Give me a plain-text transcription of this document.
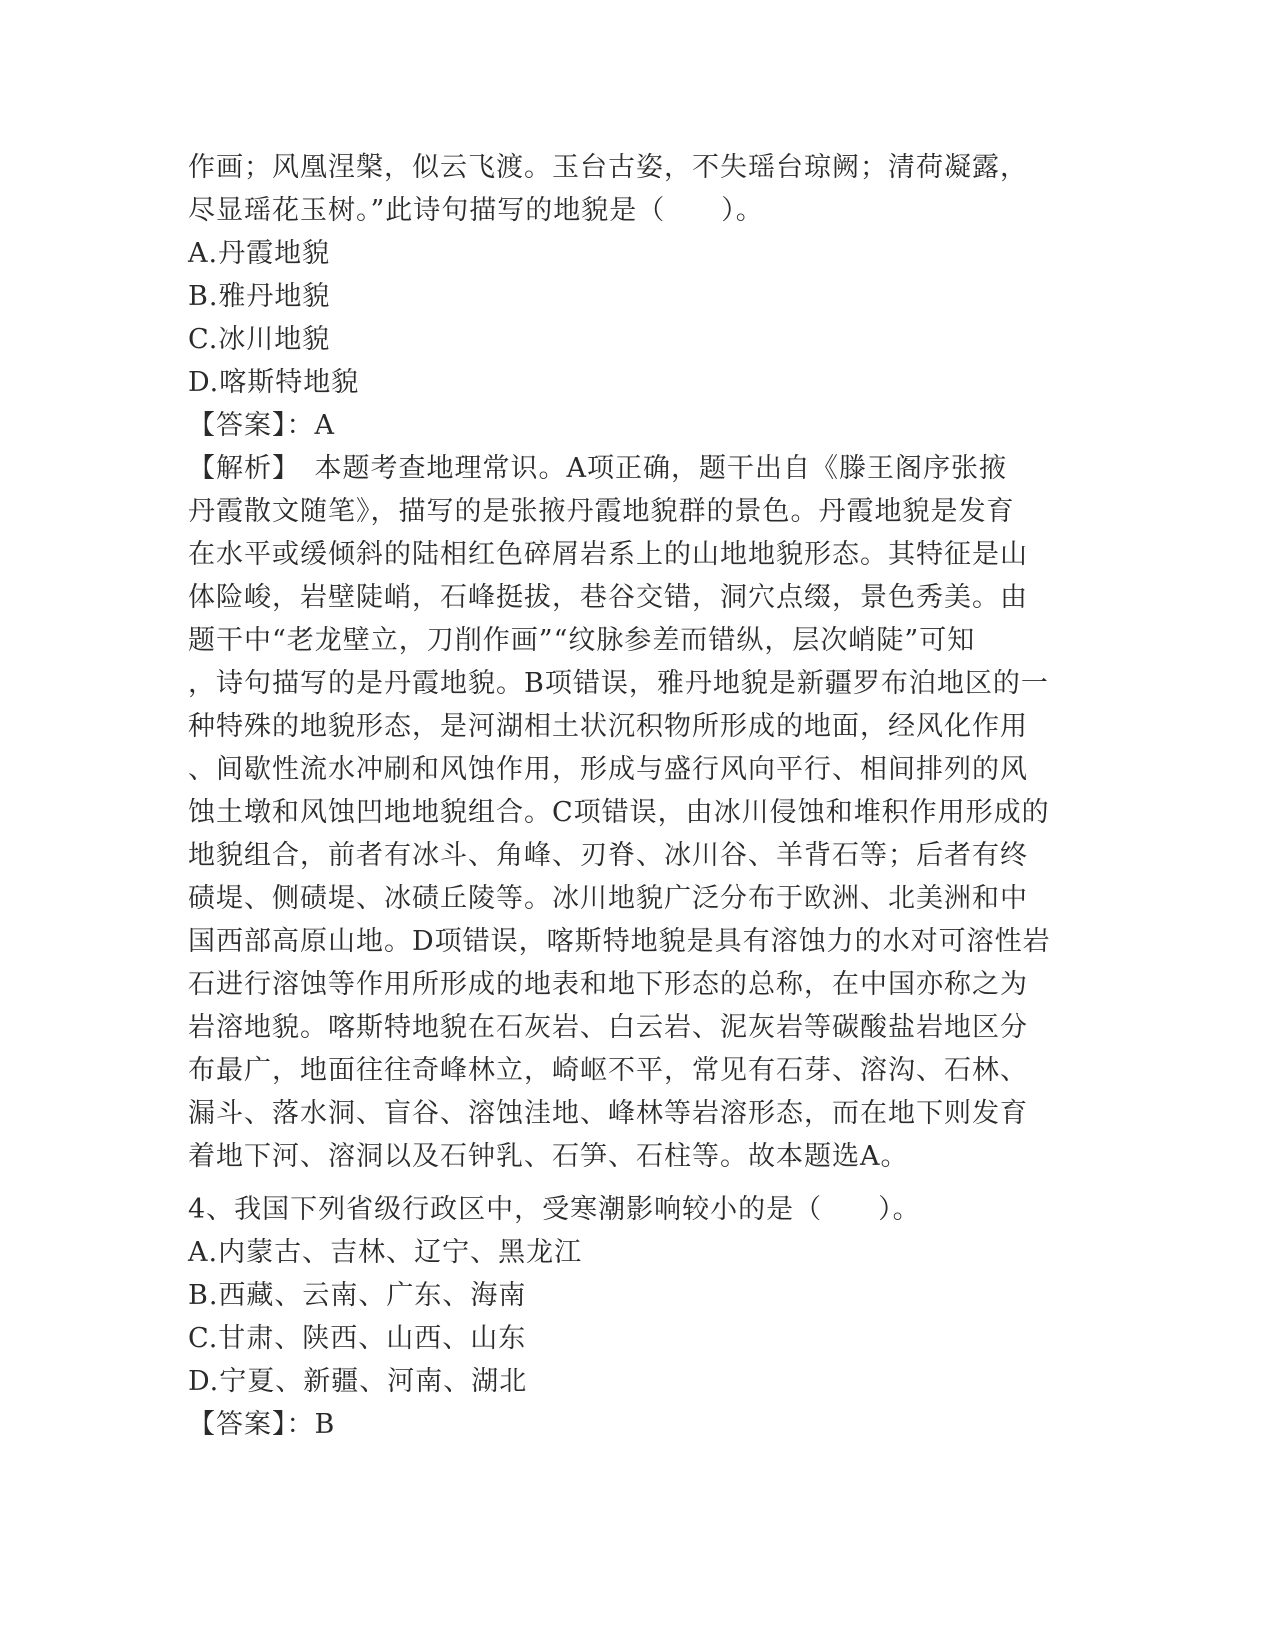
作画；风凰涅槃，似云飞渡。玉台古姿，不失瑶台琼阙；清荷凝露，
尽显瑶花玉树。”此诗句描写的地貌是（　　）。
A.丹霞地貌
B.雅丹地貌
C.冰川地貌
D.喀斯特地貌
【答案】：A
【解析】　本题考查地理常识。A项正确，题干出自《滕王阁序张掖
丹霞散文随笔》，描写的是张掖丹霞地貌群的景色。丹霞地貌是发育
在水平或缓倾斜的陆相红色碎屑岩系上的山地地貌形态。其特征是山
体险峻，岩壁陡峭，石峰挺拔，巷谷交错，洞穴点缀，景色秀美。由
题干中“老龙壁立，刀削作画”“纹脉参差而错纵，层次峭陡”可知
，诗句描写的是丹霞地貌。B项错误，雅丹地貌是新疆罗布泊地区的一
种特殊的地貌形态，是河湖相土状沉积物所形成的地面，经风化作用
、间歇性流水冲刷和风蚀作用，形成与盛行风向平行、相间排列的风
蚀土墩和风蚀凹地地貌组合。C项错误，由冰川侵蚀和堆积作用形成的
地貌组合，前者有冰斗、角峰、刃脊、冰川谷、羊背石等；后者有终
碛堤、侧碛堤、冰碛丘陵等。冰川地貌广泛分布于欧洲、北美洲和中
国西部高原山地。D项错误，喀斯特地貌是具有溶蚀力的水对可溶性岩
石进行溶蚀等作用所形成的地表和地下形态的总称，在中国亦称之为
岩溶地貌。喀斯特地貌在石灰岩、白云岩、泥灰岩等碳酸盐岩地区分
布最广，地面往往奇峰林立，崎岖不平，常见有石芽、溶沟、石林、
漏斗、落水洞、盲谷、溶蚀洼地、峰林等岩溶形态，而在地下则发育
着地下河、溶洞以及石钟乳、石笋、石柱等。故本题选A。
4、我国下列省级行政区中，受寒潮影响较小的是（　　）。
A.内蒙古、吉林、辽宁、黑龙江
B.西藏、云南、广东、海南
C.甘肃、陕西、山西、山东
D.宁夏、新疆、河南、湖北
【答案】：B
